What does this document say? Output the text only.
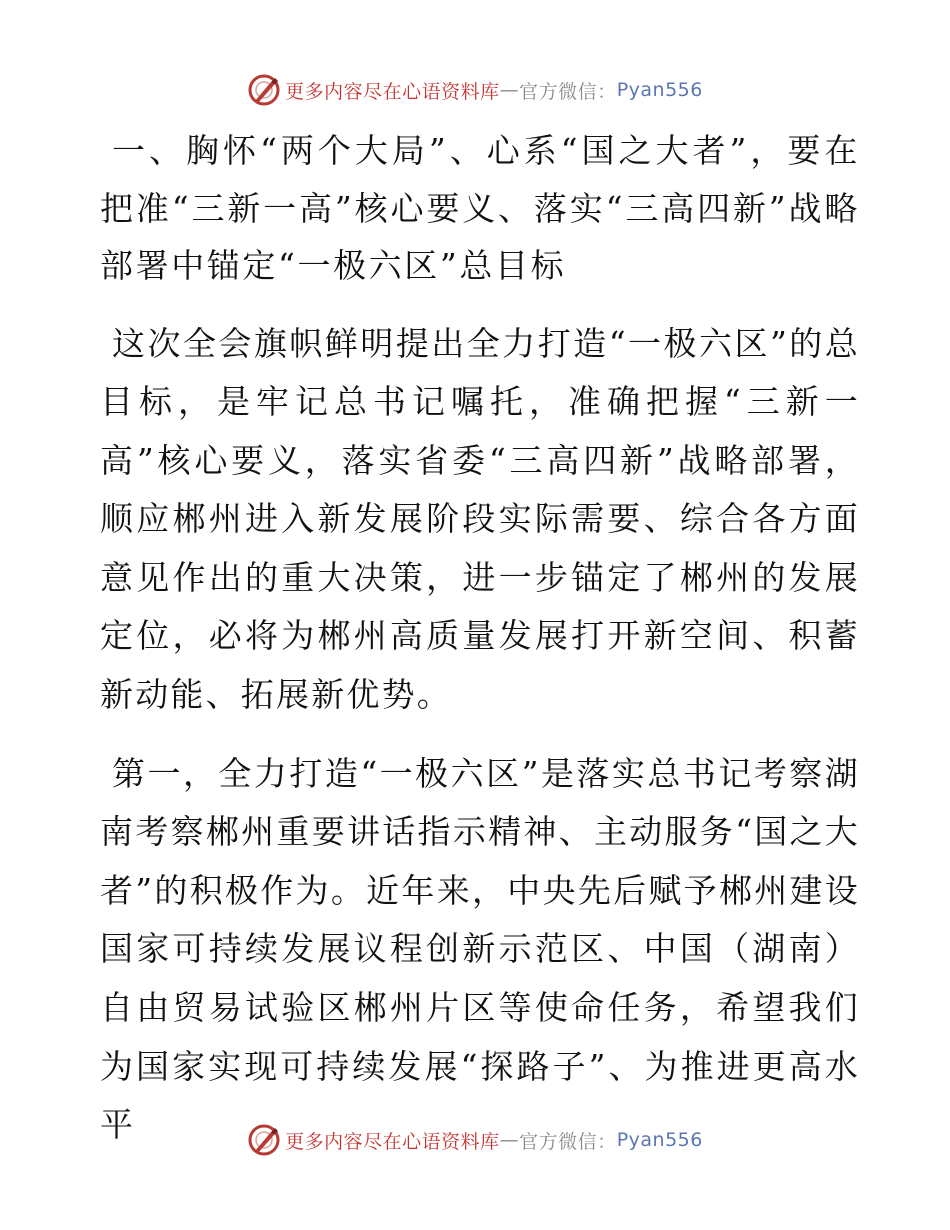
更多内容尽在心语资料库 — 官方微信： Pyan556

一、胸怀“两个大局”、心系“国之大者”，要在把准“三新一高”核心要义、落实“三高四新”战略部署中锚定“一极六区”总目标

这次全会旗帜鲜明提出全力打造“一极六区”的总目标，是牢记总书记嘱托，准确把握“三新一高”核心要义，落实省委“三高四新”战略部署，顺应郴州进入新发展阶段实际需要、综合各方面意见作出的重大决策，进一步锚定了郴州的发展定位，必将为郴州高质量发展打开新空间、积蓄新动能、拓展新优势。

第一，全力打造“一极六区”是落实总书记考察湖南考察郴州重要讲话指示精神、主动服务“国之大者”的积极作为。近年来，中央先后赋予郴州建设国家可持续发展议程创新示范区、中国（湖南）自由贸易试验区郴州片区等使命任务，希望我们为国家实现可持续发展“探路子”、为推进更高水平	更多内容尽在心语资料库 — 官方微信： Pyan556
